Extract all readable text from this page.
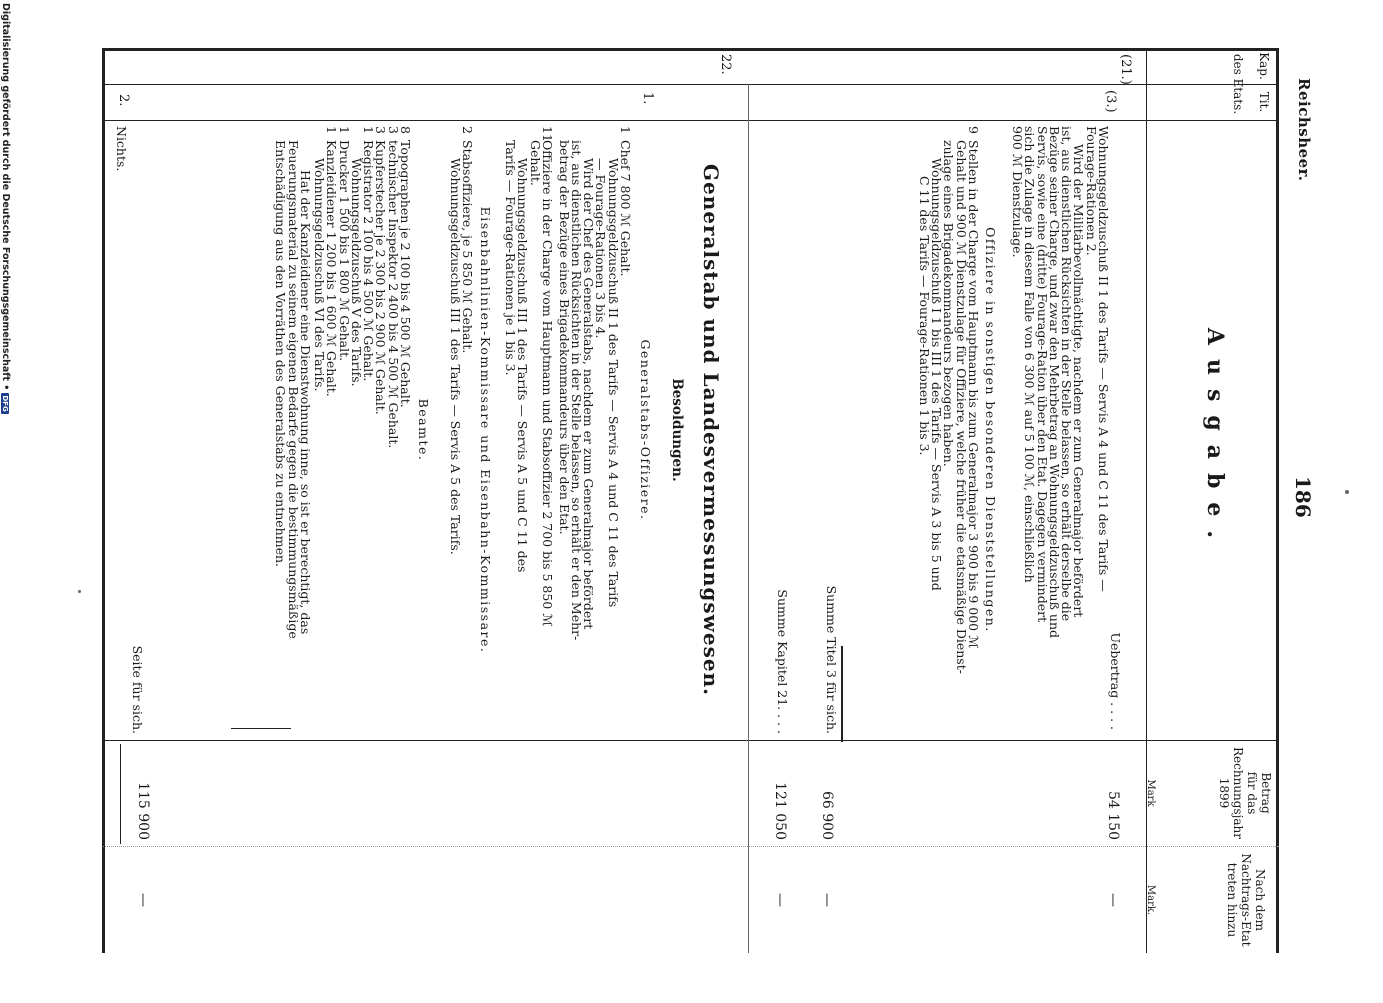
Reichsheer.
186
Kap.
Tit.
des Etats.
Ausgabe.
Betrag
für das
Rechnungsjahr
1899
Nach dem
Nachtrags-Etat
treten hinzu
Mark
Mark.
(21.)
(3.)
Uebertrag . . . .
54 150
—

Wohnungsgeldzuschuß II 1 des Tarifs — Servis A 4 und C 11 des Tarifs —

Fourage-Rationen 2.

Wird der Militärbevollmächtigte, nachdem er zum Generalmajor befördert

ist, aus dienstlichen Rücksichten in der Stelle belassen, so erhält derselbe die

Bezüge seiner Charge, und zwar den Mehrbetrag an Wohnungsgeldzuschuß und

Servis, sowie eine (dritte) Fourage-Ration über den Etat. Dagegen vermindert

sich die Zulage in diesem Falle von 6 300 ℳ auf 5 100 ℳ, einschließlich

900 ℳ Dienstzulage.

Offiziere in sonstigen besonderen Dienststellungen.
9

Stellen in der Charge vom Hauptmann bis zum Generalmajor 3 900 bis 9 000 ℳ

Gehalt und 900 ℳ Dienstzulage für Offiziere, welche früher die etatsmäßige Dienst-

zulage eines Brigadekommandeurs bezogen haben.

Wohnungsgeldzuschuß I 1 bis III 1 des Tarifs — Servis A 3 bis 5 und

C 11 des Tarifs — Fourage-Rationen 1 bis 3.

Summe Titel 3 für sich.
66 900
—
Summe Kapitel 21. . . .
121 050
—
22.
Generalstab und Landesvermessungswesen.
Besoldungen.
1.
Generalstabs-Offiziere.
1

Chef 7 800 ℳ Gehalt.

Wohnungsgeldzuschuß II 1 des Tarifs — Servis A 4 und C 11 des Tarifs

— Fourage-Rationen 3 bis 4.

Wird der Chef des Generalstabs, nachdem er zum Generalmajor befördert

ist, aus dienstlichen Rücksichten in der Stelle belassen, so erhält er den Mehr-

betrag der Bezüge eines Brigadekommandeurs über den Etat.

11

Offiziere in der Charge vom Hauptmann und Stabsoffizier 2 700 bis 5 850 ℳ

Gehalt.

Wohnungsgeldzuschuß III 1 des Tarifs — Servis A 5 und C 11 des

Tarifs — Fourage-Rationen je 1 bis 3.

Eisenbahnlinien-Kommissare und Eisenbahn-Kommissare.
2

Stabsoffiziere, je 5 850 ℳ Gehalt.

Wohnungsgeldzuschuß III 1 des Tarifs — Servis A 5 des Tarifs.

Beamte.
8
Topographen je 2 100 bis 4 500 ℳ Gehalt.
3
technischer Inspektor 2 400 bis 4 500 ℳ Gehalt.
3
Kupferstecher je 2 300 bis 2 900 ℳ Gehalt.
1
Registrator 2 100 bis 4 500 ℳ Gehalt.
Wohnungsgeldzuschuß V des Tarifs.
1
Drucker 1 500 bis 1 800 ℳ Gehalt.
1
Kanzleidiener 1 200 bis 1 600 ℳ Gehalt.
Wohnungsgeldzuschuß VI des Tarifs.

Hat der Kanzleidiener eine Dienstwohnung inne, so ist er berechtigt, das

Feuerungsmaterial zu seinem eigenen Bedarfe gegen die bestimmungsmäßige

Entschädigung aus den Vorräthen des Generalstabs zu entnehmen.

Seite für sich.
115 900
—
2.
Nichts.
Digitalisierung gefördert durch die Deutsche Forschungsgemeinschaft •DFG
